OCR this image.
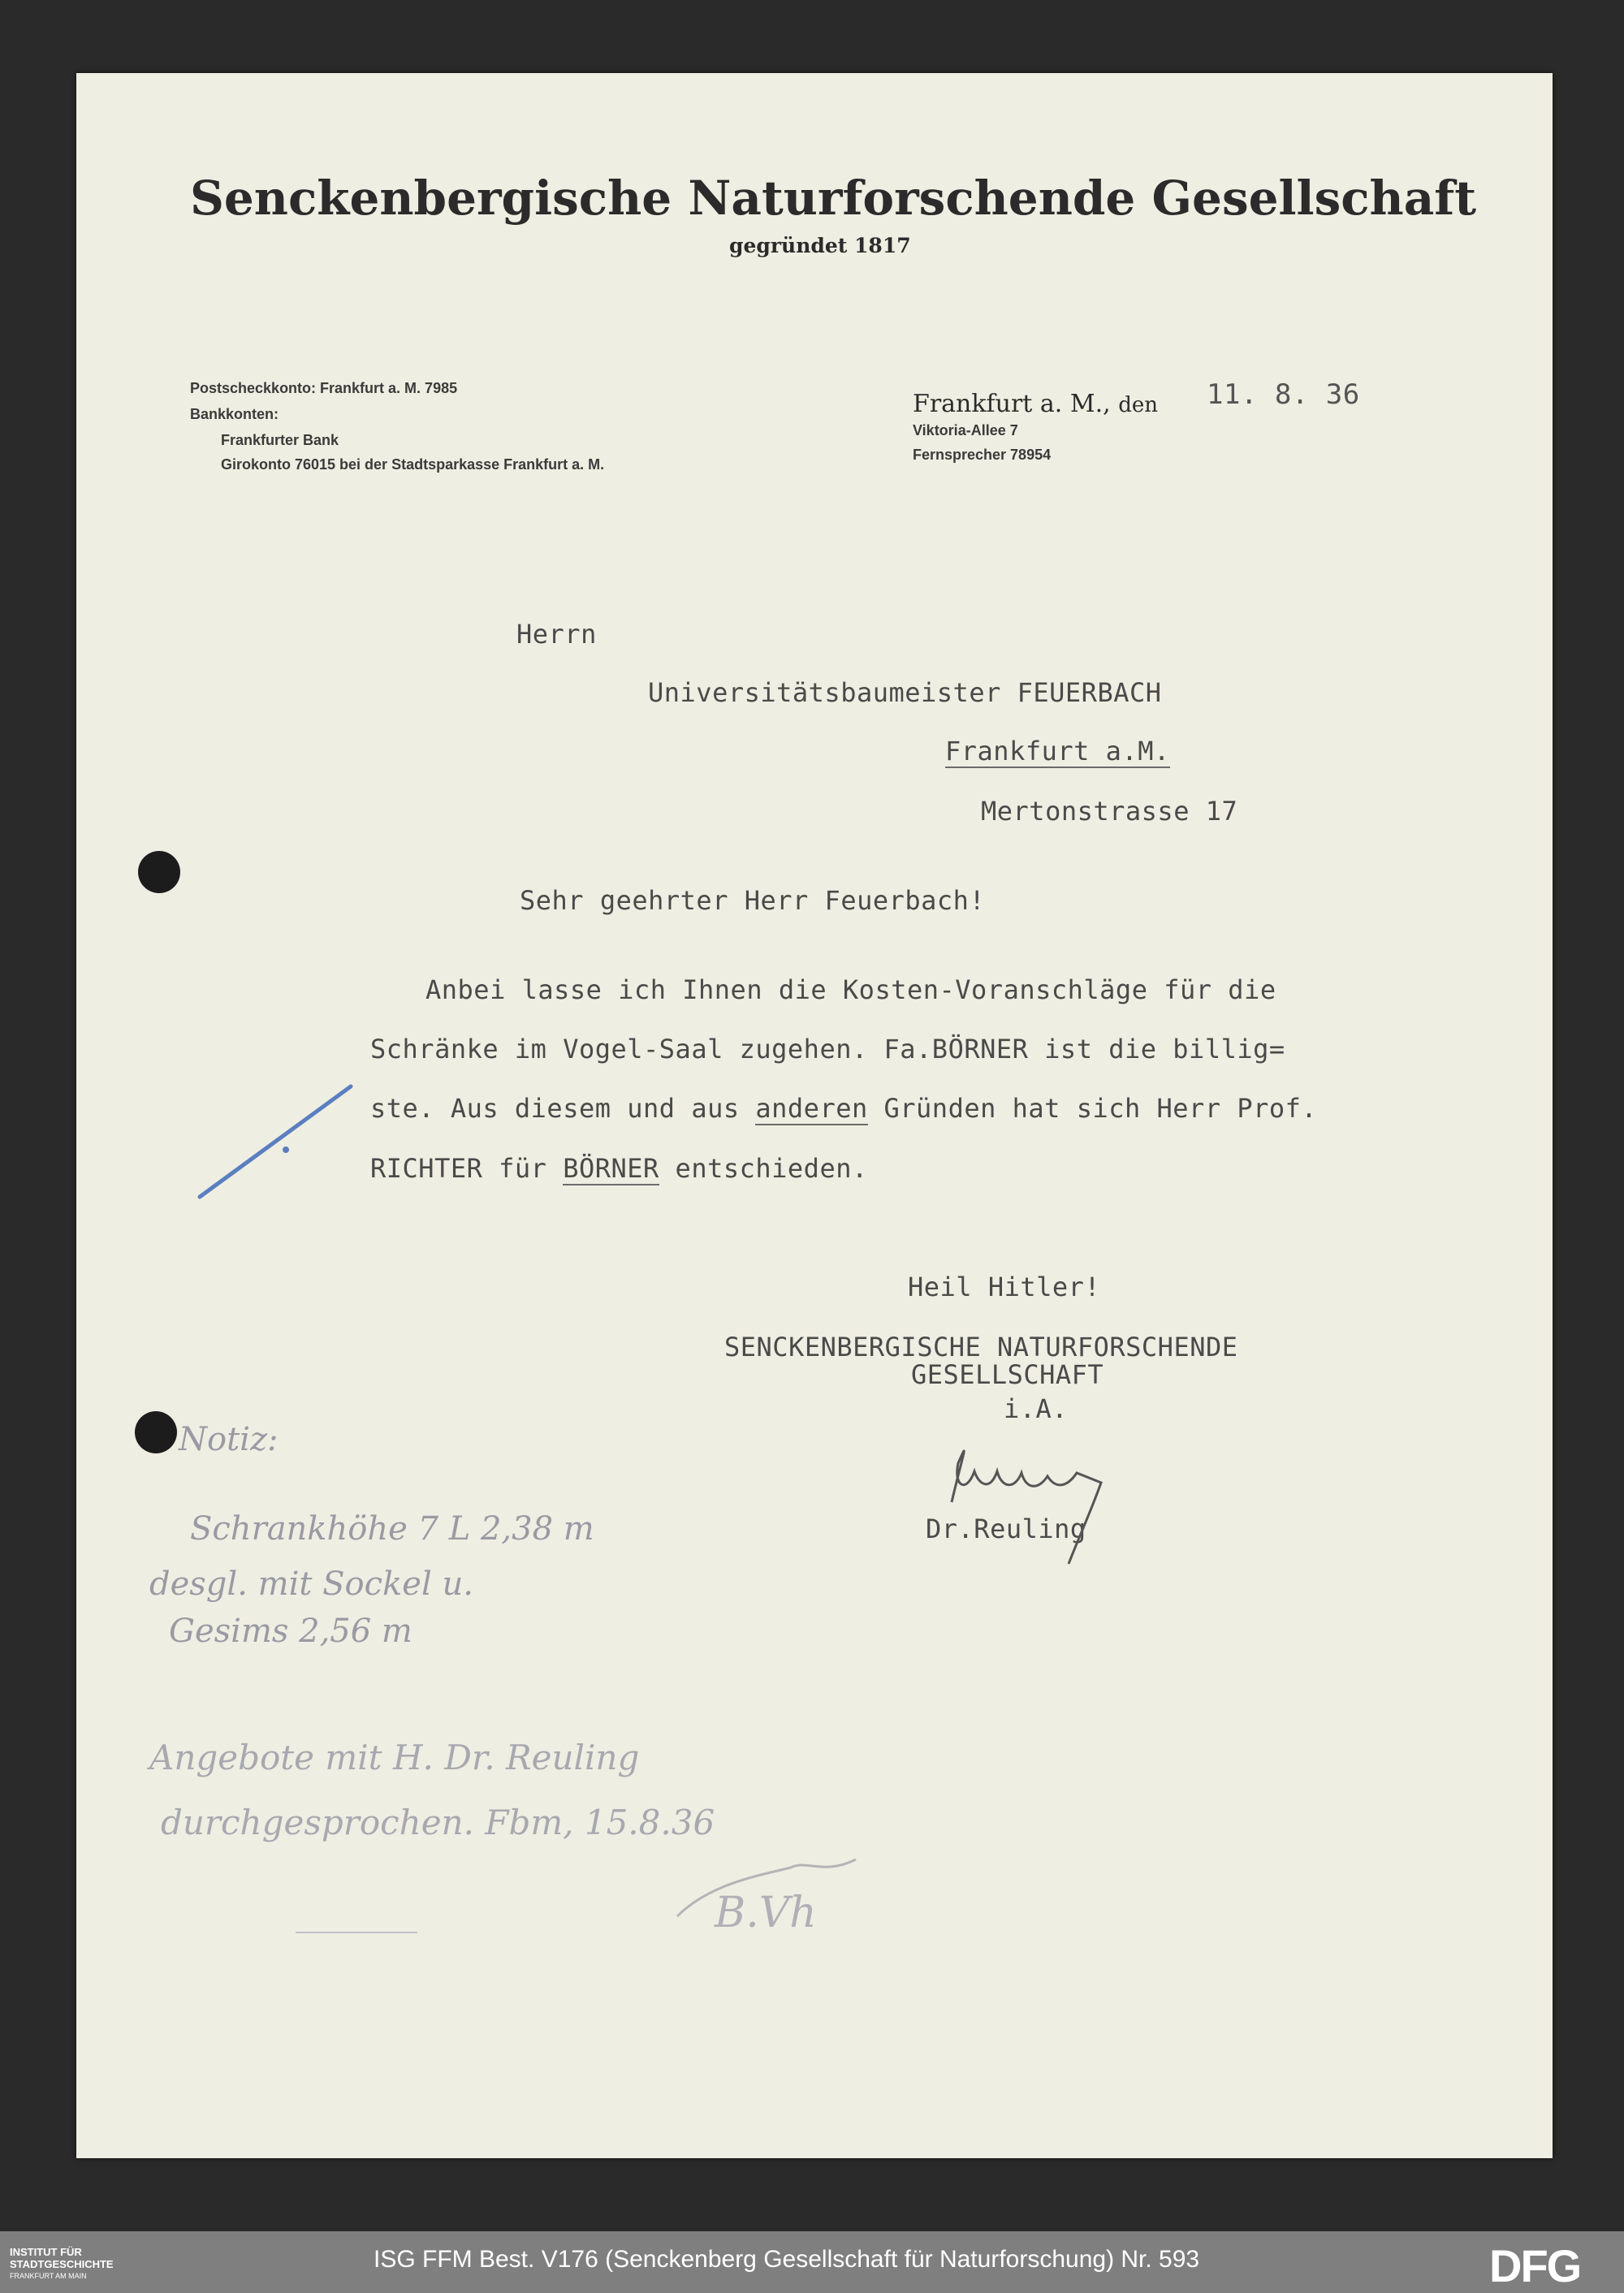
Senckenbergische Naturforschende Gesellschaft
gegründet 1817
Postscheckkonto: Frankfurt a. M. 7985
Bankkonten:
Frankfurter Bank
Girokonto 76015 bei der Stadtsparkasse Frankfurt a. M.
Frankfurt a. M., den 11. 8. 36
Viktoria-Allee 7
Fernsprecher 78954
Herrn
Universitätsbaumeister FEUERBACH
Frankfurt a.M.
Mertonstrasse 17
Sehr geehrter Herr Feuerbach!
Anbei lasse ich Ihnen die Kosten-Voranschläge für die
Schränke im Vogel-Saal zugehen. Fa.BÖRNER ist die billig=
ste. Aus diesem und aus anderen Gründen hat sich Herr Prof.
RICHTER für BÖRNER entschieden.
Heil Hitler!
SENCKENBERGISCHE NATURFORSCHENDE
GESELLSCHAFT
i.A.
Dr.Reuling
Notiz:
Schrankhöhe 7 L 2,38 m
desgl. mit Sockel u.
Gesims 2,56 m
Angebote mit H. Dr. Reuling
durchgesprochen. Fbm, 15.8.36
B.Vh
INSTITUT FÜR
STADTGESCHICHTE
FRANKFURT AM MAIN
ISG FFM Best. V176 (Senckenberg Gesellschaft für Naturforschung) Nr. 593	DFG
